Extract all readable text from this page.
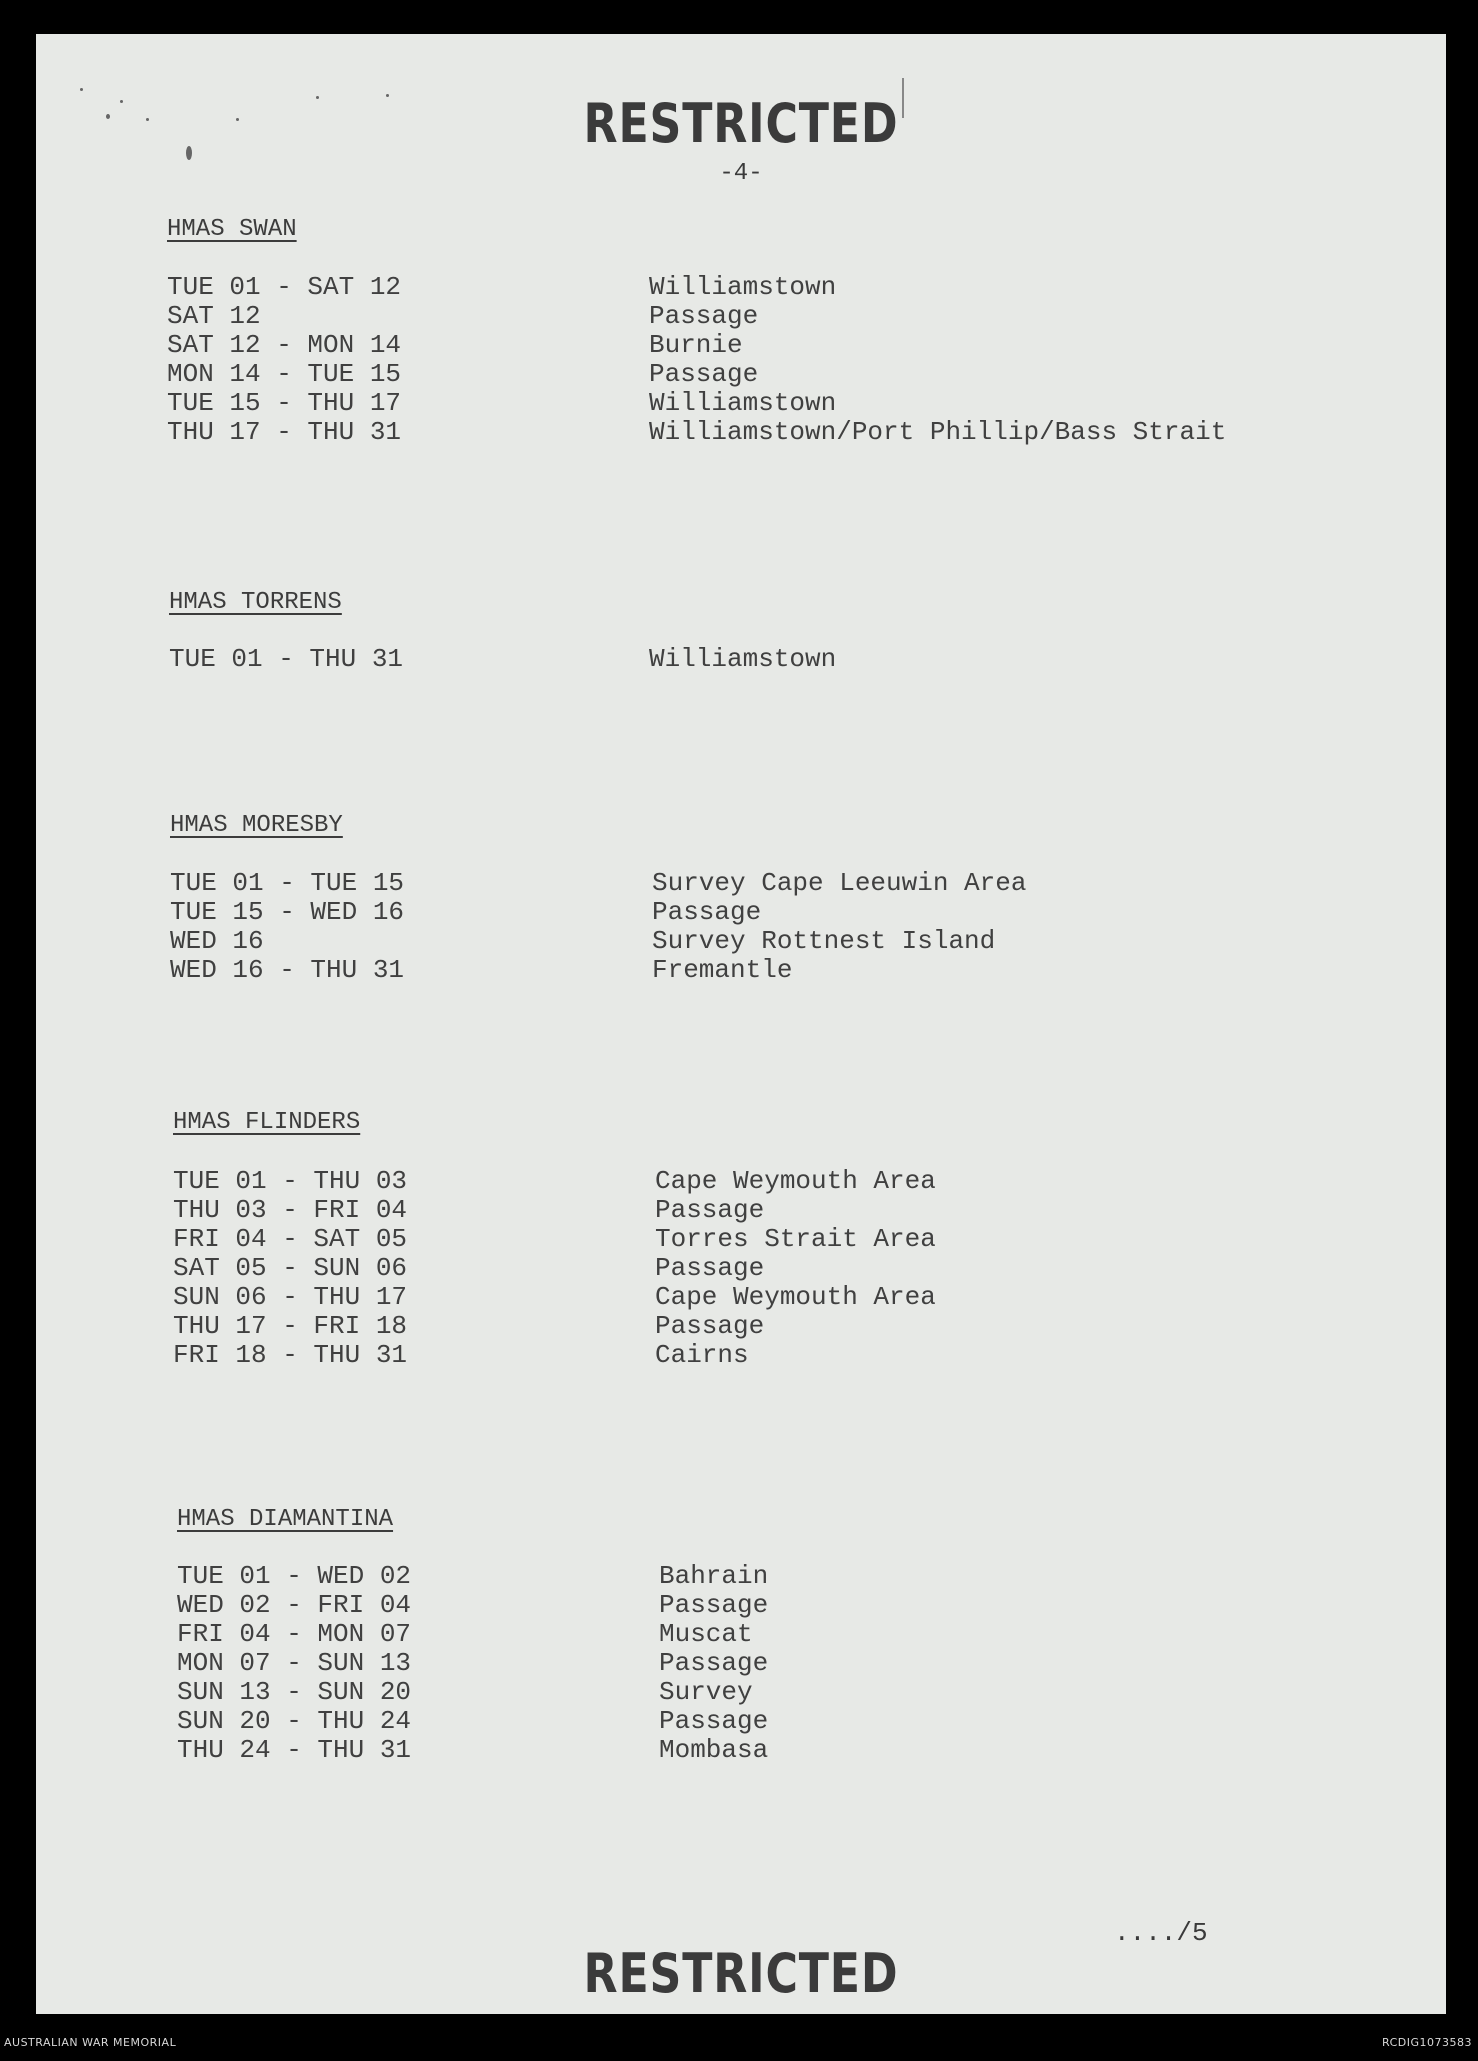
RESTRICTED
-4-
HMAS SWAN
TUE 01 - SAT 12	Williamstown
SAT 12	Passage
SAT 12 - MON 14	Burnie
MON 14 - TUE 15	Passage
TUE 15 - THU 17	Williamstown
THU 17 - THU 31	Williamstown/Port Phillip/Bass Strait
HMAS TORRENS
TUE 01 - THU 31	Williamstown
HMAS MORESBY
TUE 01 - TUE 15	Survey Cape Leeuwin Area
TUE 15 - WED 16	Passage
WED 16	Survey Rottnest Island
WED 16 - THU 31	Fremantle
HMAS FLINDERS
TUE 01 - THU 03	Cape Weymouth Area
THU 03 - FRI 04	Passage
FRI 04 - SAT 05	Torres Strait Area
SAT 05 - SUN 06	Passage
SUN 06 - THU 17	Cape Weymouth Area
THU 17 - FRI 18	Passage
FRI 18 - THU 31	Cairns
HMAS DIAMANTINA
TUE 01 - WED 02	Bahrain
WED 02 - FRI 04	Passage
FRI 04 - MON 07	Muscat
MON 07 - SUN 13	Passage
SUN 13 - SUN 20	Survey
SUN 20 - THU 24	Passage
THU 24 - THU 31	Mombasa
..../5
RESTRICTED
AUSTRALIAN WAR MEMORIAL	RCDIG1073583
